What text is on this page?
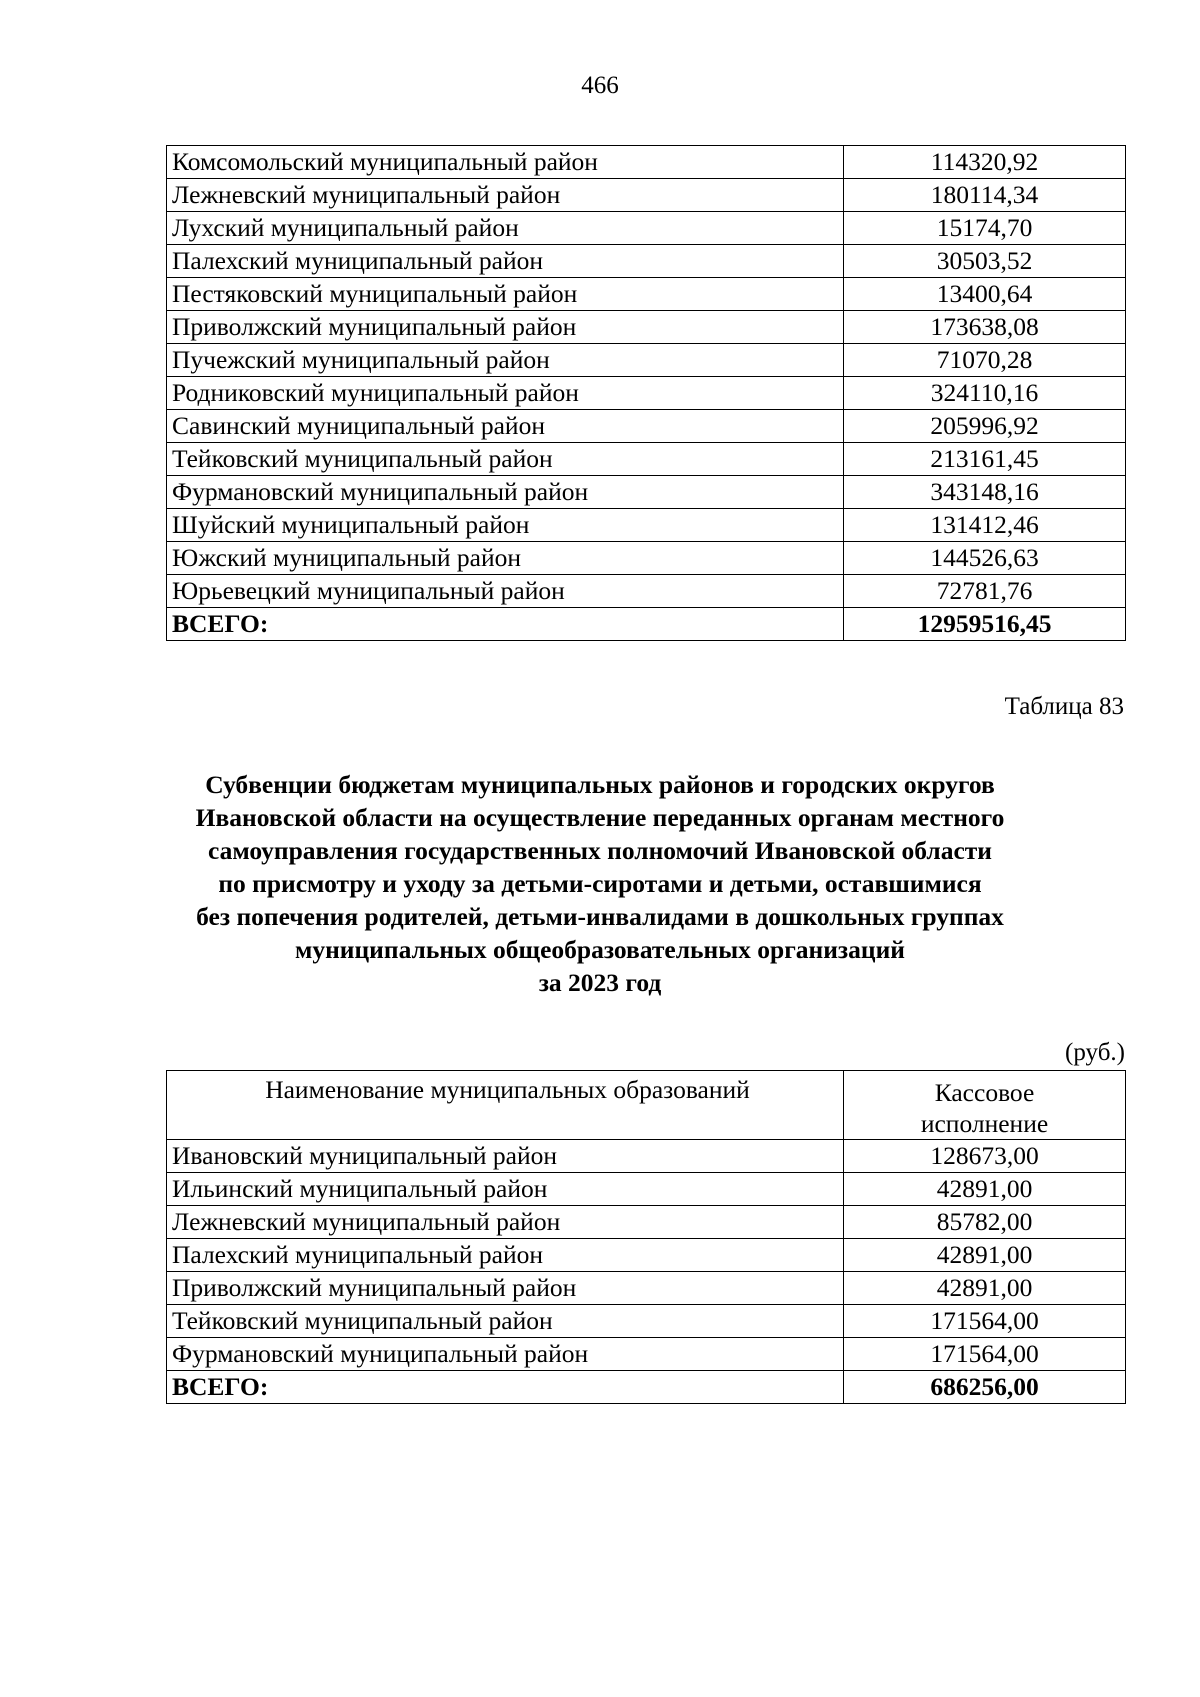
466
Комсомольский муниципальный район	114320,92
Лежневский муниципальный район	180114,34
Лухский муниципальный район	15174,70
Палехский муниципальный район	30503,52
Пестяковский муниципальный район	13400,64
Приволжский муниципальный район	173638,08
Пучежский муниципальный район	71070,28
Родниковский муниципальный район	324110,16
Савинский муниципальный район	205996,92
Тейковский муниципальный район	213161,45
Фурмановский муниципальный район	343148,16
Шуйский муниципальный район	131412,46
Южский муниципальный район	144526,63
Юрьевецкий муниципальный район	72781,76
ВСЕГО:	12959516,45
Таблица 83
Субвенции бюджетам муниципальных районов и городских округов
Ивановской области на осуществление переданных органам местного
самоуправления государственных полномочий Ивановской области
по присмотру и уходу за детьми-сиротами и детьми, оставшимися
без попечения родителей, детьми-инвалидами в дошкольных группах
муниципальных общеобразовательных организаций
за 2023 год
(руб.)
Наименование муниципальных образований	Кассовое
исполнение
Ивановский муниципальный район	128673,00
Ильинский муниципальный район	42891,00
Лежневский муниципальный район	85782,00
Палехский муниципальный район	42891,00
Приволжский муниципальный район	42891,00
Тейковский муниципальный район	171564,00
Фурмановский муниципальный район	171564,00
ВСЕГО:	686256,00
